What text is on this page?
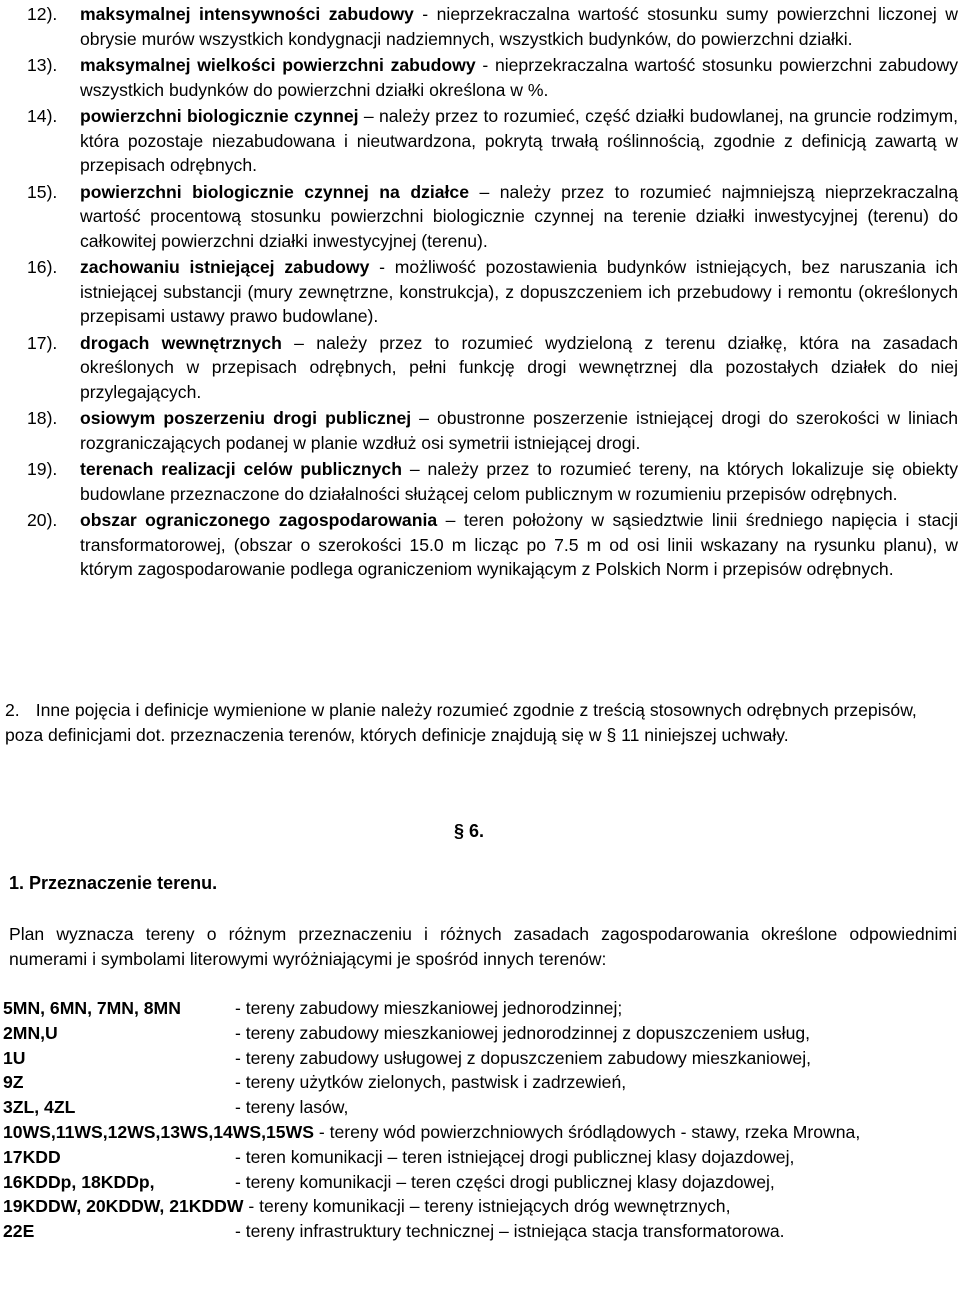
12). maksymalnej intensywności zabudowy - nieprzekraczalna wartość stosunku sumy powierzchni liczonej w obrysie murów wszystkich kondygnacji nadziemnych, wszystkich budynków, do powierzchni działki.
13). maksymalnej wielkości powierzchni zabudowy - nieprzekraczalna wartość stosunku powierzchni zabudowy wszystkich budynków do powierzchni działki określona w %.
14). powierzchni biologicznie czynnej – należy przez to rozumieć, część działki budowlanej, na gruncie rodzimym, która pozostaje niezabudowana i nieutwardzona, pokrytą trwałą roślinnością, zgodnie z definicją zawartą w przepisach odrębnych.
15). powierzchni biologicznie czynnej na działce – należy przez to rozumieć najmniejszą nieprzekraczalną wartość procentową stosunku powierzchni biologicznie czynnej na terenie działki inwestycyjnej (terenu) do całkowitej powierzchni działki inwestycyjnej (terenu).
16). zachowaniu istniejącej zabudowy - możliwość pozostawienia budynków istniejących, bez naruszania ich istniejącej substancji (mury zewnętrzne, konstrukcja), z dopuszczeniem ich przebudowy i remontu (określonych przepisami ustawy prawo budowlane).
17). drogach wewnętrznych – należy przez to rozumieć wydzieloną z terenu działkę, która na zasadach określonych w przepisach odrębnych, pełni funkcję drogi wewnętrznej dla pozostałych działek do niej przylegających.
18). osiowym poszerzeniu drogi publicznej – obustronne poszerzenie istniejącej drogi do szerokości w liniach rozgraniczających podanej w planie wzdłuż osi symetrii istniejącej drogi.
19). terenach realizacji celów publicznych – należy przez to rozumieć tereny, na których lokalizuje się obiekty budowlane przeznaczone do działalności służącej celom publicznym w rozumieniu przepisów odrębnych.
20). obszar ograniczonego zagospodarowania – teren położony w sąsiedztwie linii średniego napięcia i stacji transformatorowej, (obszar o szerokości 15.0 m licząc po 7.5 m od osi linii wskazany na rysunku planu), w którym zagospodarowanie podlega ograniczeniom wynikającym z Polskich Norm i przepisów odrębnych.
2. Inne pojęcia i definicje wymienione w planie należy rozumieć zgodnie z treścią stosownych odrębnych przepisów, poza definicjami dot. przeznaczenia terenów, których definicje znajdują się w § 11 niniejszej uchwały.
§ 6.
1. Przeznaczenie terenu.
Plan wyznacza tereny o różnym przeznaczeniu i różnych zasadach zagospodarowania określone odpowiednimi numerami i symbolami literowymi wyróżniającymi je spośród innych terenów:
5MN, 6MN, 7MN, 8MN	- tereny zabudowy mieszkaniowej jednorodzinnej;
2MN,U	- tereny zabudowy mieszkaniowej jednorodzinnej z dopuszczeniem usług,
1U	- tereny zabudowy usługowej z dopuszczeniem zabudowy mieszkaniowej,
9Z	- tereny użytków zielonych, pastwisk i zadrzewień,
3ZL, 4ZL	- tereny lasów,
10WS,11WS,12WS,13WS,14WS,15WS - tereny wód powierzchniowych śródlądowych - stawy, rzeka Mrowna,
17KDD	- teren komunikacji – teren istniejącej drogi publicznej klasy dojazdowej,
16KDDp, 18KDDp,	- tereny komunikacji – teren części drogi publicznej klasy dojazdowej,
19KDDW, 20KDDW, 21KDDW - tereny komunikacji – tereny istniejących dróg wewnętrznych,
22E	- tereny infrastruktury technicznej – istniejąca stacja transformatorowa.
